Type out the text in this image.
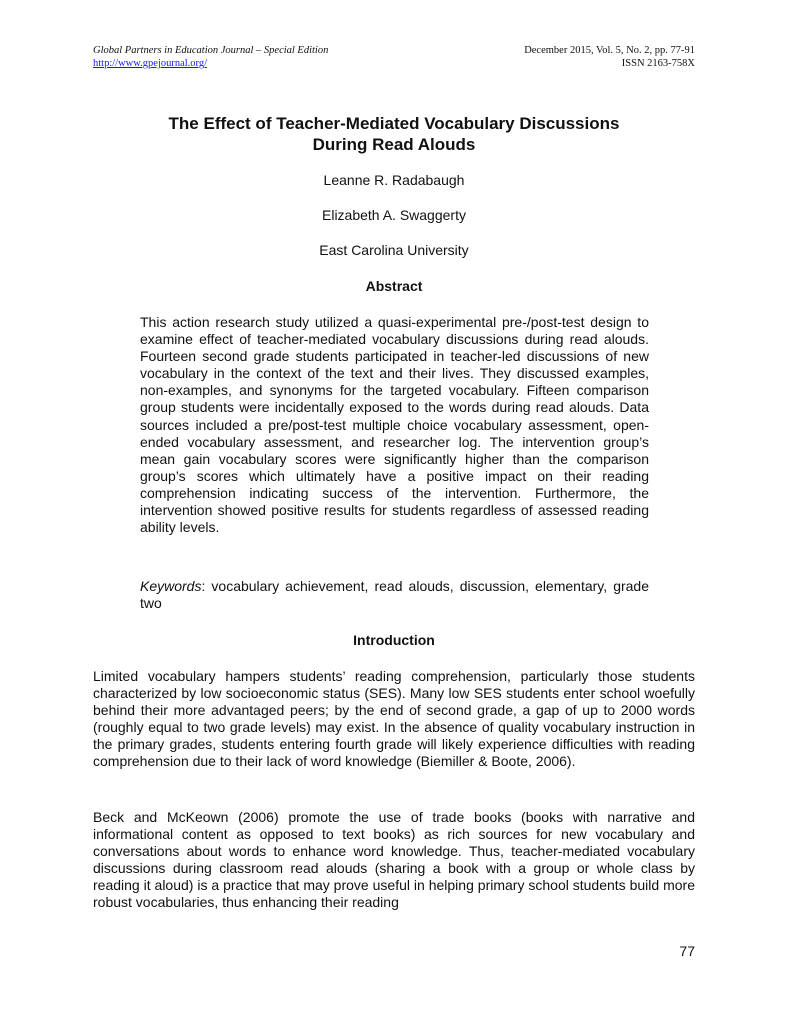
Global Partners in Education Journal – Special Edition
http://www.gpejournal.org/
December 2015, Vol. 5, No. 2, pp. 77-91
ISSN 2163-758X
The Effect of Teacher-Mediated Vocabulary Discussions
During Read Alouds
Leanne R. Radabaugh
Elizabeth A. Swaggerty
East Carolina University
Abstract

This action research study utilized a quasi-experimental pre-/post-test design to examine effect of teacher-mediated vocabulary discussions during read alouds. Fourteen second grade students participated in teacher-led discussions of new vocabulary in the context of the text and their lives. They discussed examples, non-examples, and synonyms for the targeted vocabulary. Fifteen comparison group students were incidentally exposed to the words during read alouds. Data sources included a pre/post-test multiple choice vocabulary assessment, open-ended vocabulary assessment, and researcher log. The intervention group’s mean gain vocabulary scores were significantly higher than the comparison group’s scores which ultimately have a positive impact on their reading comprehension indicating success of the intervention. Furthermore, the intervention showed positive results for students regardless of assessed reading ability levels.

Keywords: vocabulary achievement, read alouds, discussion, elementary, grade two

Introduction

Limited vocabulary hampers students’ reading comprehension, particularly those students characterized by low socioeconomic status (SES). Many low SES students enter school woefully behind their more advantaged peers; by the end of second grade, a gap of up to 2000 words (roughly equal to two grade levels) may exist. In the absence of quality vocabulary instruction in the primary grades, students entering fourth grade will likely experience difficulties with reading comprehension due to their lack of word knowledge (Biemiller & Boote, 2006).

Beck and McKeown (2006) promote the use of trade books (books with narrative and informational content as opposed to text books) as rich sources for new vocabulary and conversations about words to enhance word knowledge. Thus, teacher-mediated vocabulary discussions during classroom read alouds (sharing a book with a group or whole class by reading it aloud) is a practice that may prove useful in helping primary school students build more robust vocabularies, thus enhancing their reading

77
